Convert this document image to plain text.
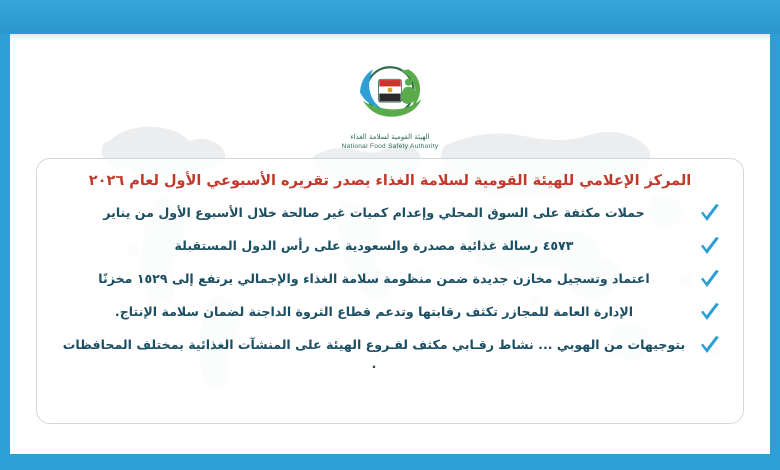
الهيئة القومية لسلامة الغذاء
National Food Safety Authority
المركز الإعلامي للهيئة القومية لسلامة الغذاء يصدر تقريره الأسبوعي الأول لعام ٢٠٢٦
حملات مكثفة على السوق المحلي وإعدام كميات غير صالحة خلال الأسبوع الأول من يناير
٤٥٧٣ رسالة غذائية مصدرة والسعودية على رأس الدول المستقبلة
اعتماد وتسجيل مخازن جديدة ضمن منظومة سلامة الغذاء والإجمالي يرتفع إلى ١٥٢٩ مخزنًا
الإدارة العامة للمجازر تكثف رقابتها وتدعم قطاع الثروة الداجنة لضمان سلامة الإنتاج.
بتوجيهات من الهوبي ... نشاط رقـابي مكثف لفـروع الهيئة على المنشآت الغذائية بمختلف المحافظات .
